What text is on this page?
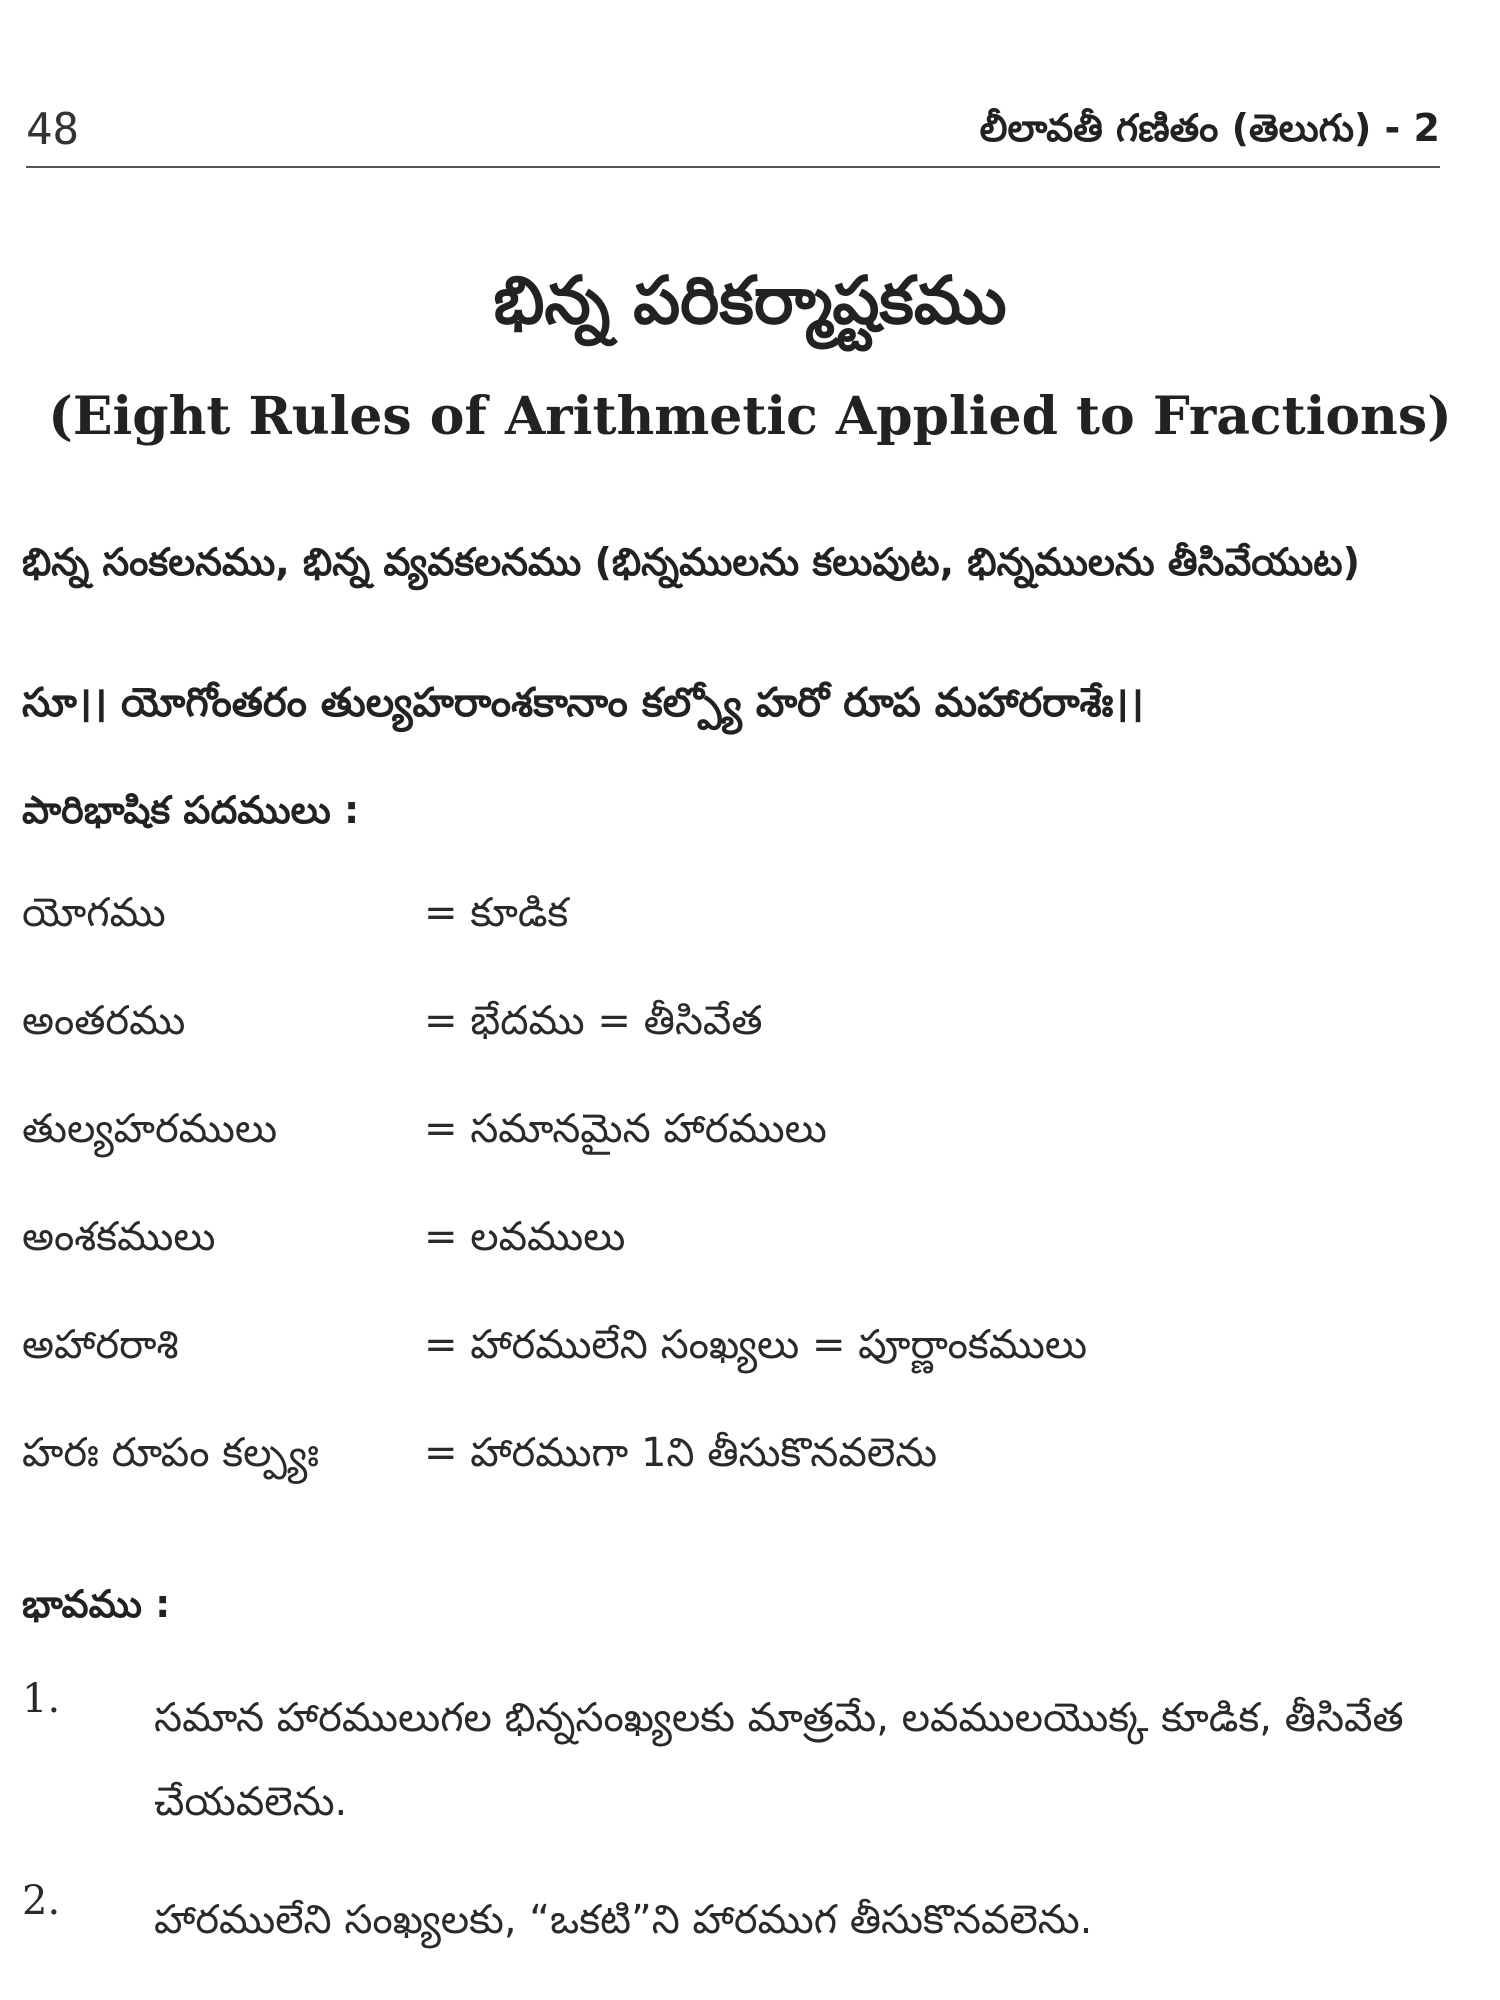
48	లీలావతీ గణితం (తెలుగు) - 2
భిన్న పరికర్మాష్టకము
(Eight Rules of Arithmetic Applied to Fractions)
భిన్న సంకలనము, భిన్న వ్యవకలనము (భిన్నములను కలుపుట, భిన్నములను తీసివేయుట)
సూ।। యోగోంతరం తుల్యహరాంశకానాం కల్ప్యో హరో రూప మహారరాశేః।।
పారిభాషిక పదములు :
యోగము	= కూడిక
అంతరము	= భేదము = తీసివేత
తుల్యహరములు	= సమానమైన హారములు
అంశకములు	= లవములు
అహారరాశి	= హారములేని సంఖ్యలు = పూర్ణాంకములు
హరః రూపం కల్ప్యః	= హారముగా 1ని తీసుకొనవలెను
భావము :
1. సమాన హారములుగల భిన్నసంఖ్యలకు మాత్రమే, లవములయొక్క కూడిక, తీసివేత చేయవలెను.
2. హారములేని సంఖ్యలకు, “ఒకటి”ని హారముగ తీసుకొనవలెను.
